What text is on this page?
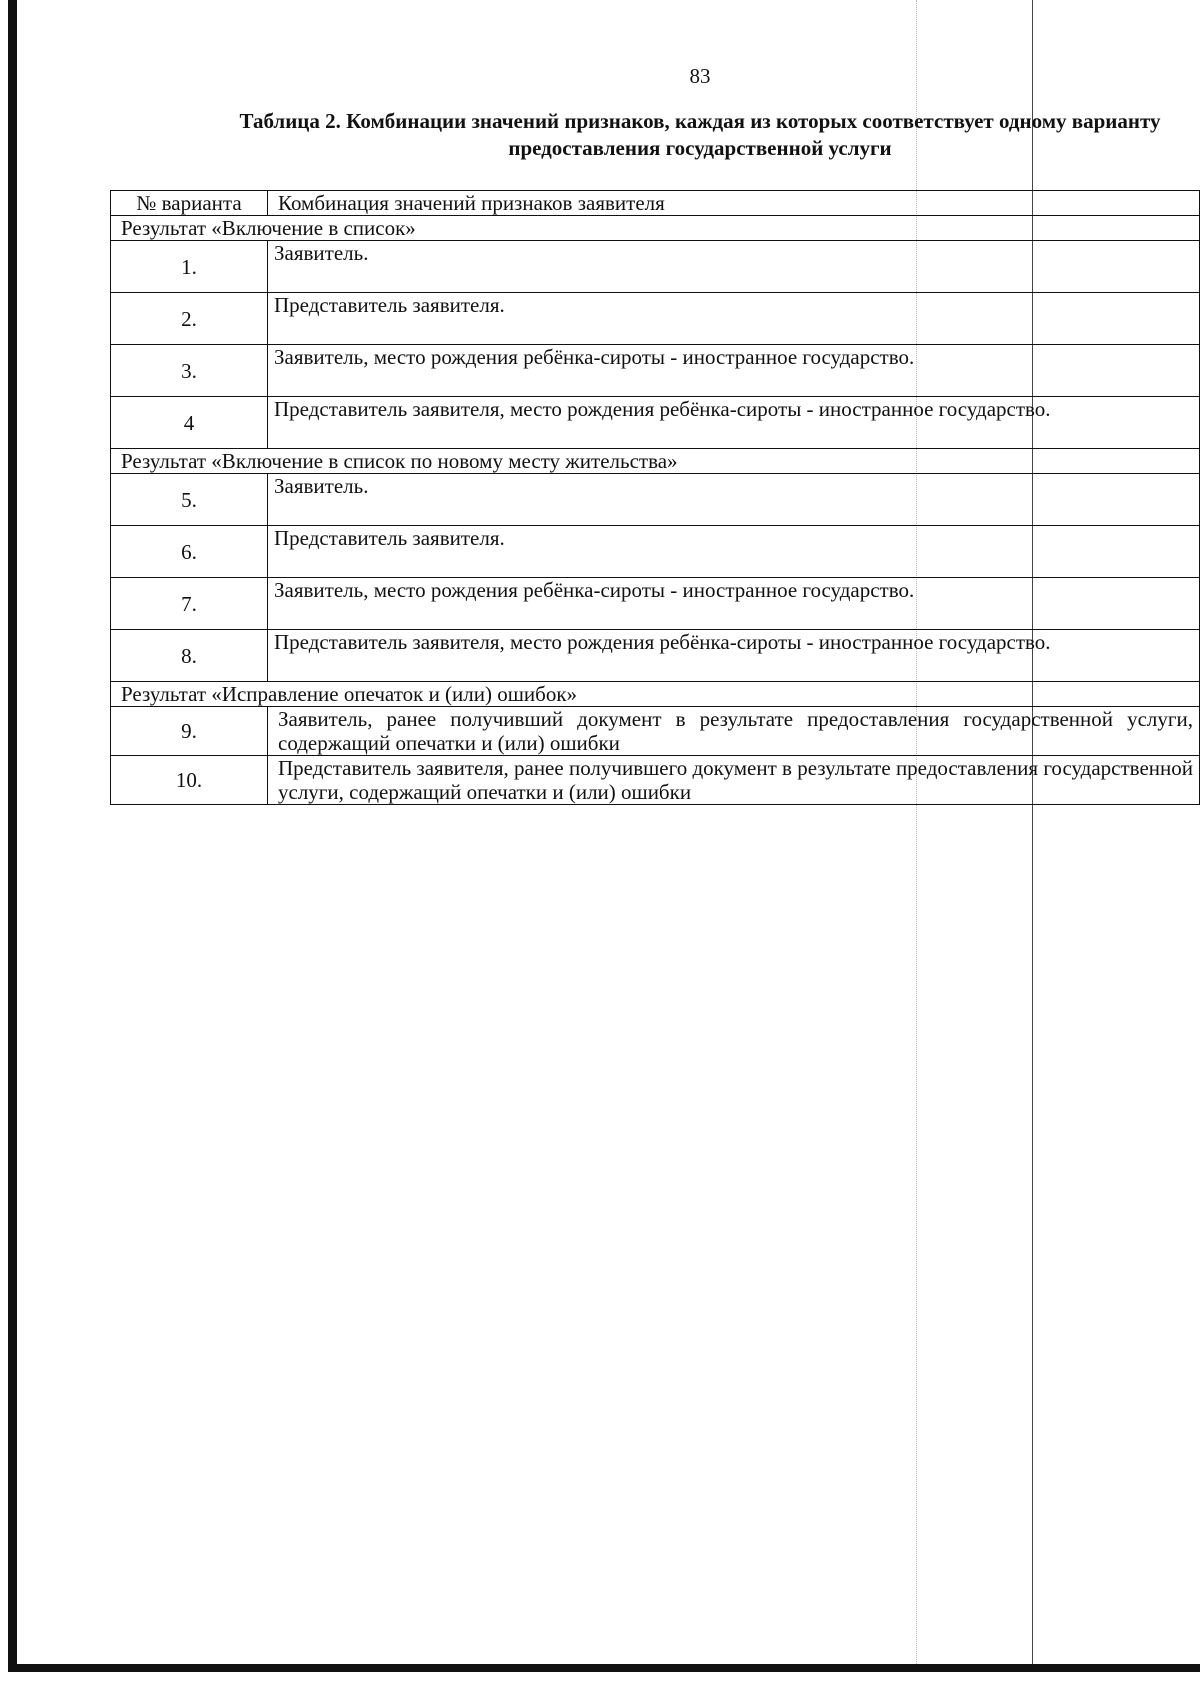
83
Таблица 2. Комбинации значений признаков, каждая из которых соответствует одному варианту предоставления государственной услуги
№ варианта	Комбинация значений признаков заявителя
Результат «Включение в список»	
1.	Заявитель.
2.	Представитель заявителя.
3.	Заявитель, место рождения ребёнка-сироты - иностранное государство.
4	Представитель заявителя, место рождения ребёнка-сироты - иностранное государство.
Результат «Включение в список по новому месту жительства»	
5.	Заявитель.
6.	Представитель заявителя.
7.	Заявитель, место рождения ребёнка-сироты - иностранное государство.
8.	Представитель заявителя, место рождения ребёнка-сироты - иностранное государство.
Результат «Исправление опечаток и (или) ошибок»	
9.	Заявитель, ранее получивший документ в результате предоставления государственной услуги, содержащий опечатки и (или) ошибки
10.	Представитель заявителя, ранее получившего документ в результате предоставления государственной услуги, содержащий опечатки и (или) ошибки
